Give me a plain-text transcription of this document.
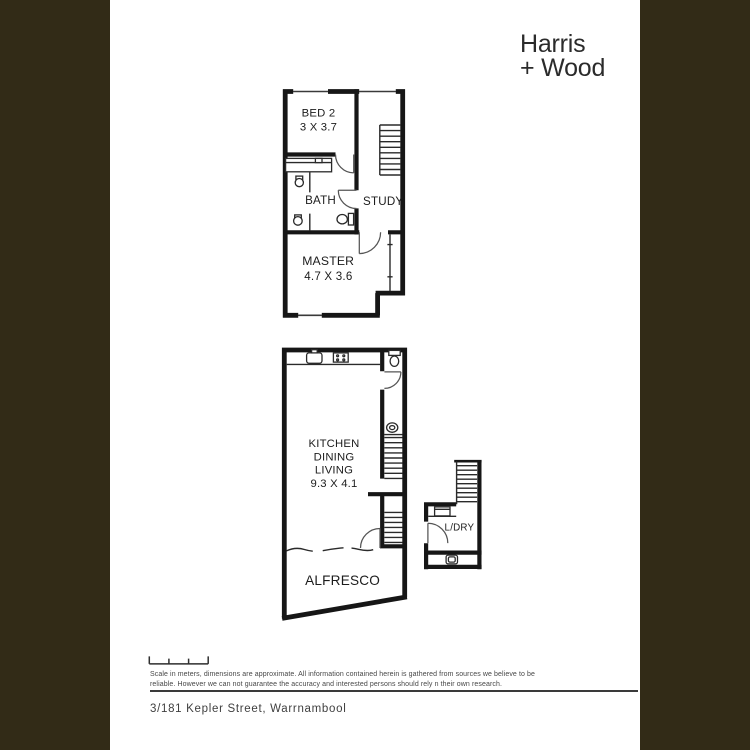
Harris
+ Wood
BED 2
3 X 3.7
BATH STUDY
MASTER
4.7 X 3.6
KITCHEN
DINING
LIVING
9.3 X 4.1
ALFRESCO
L/DRY
Scale in meters, dimensions are approximate. All information contained herein is gathered from sources we believe to be
reliable. However we can not guarantee the accuracy and interested persons should rely n their own research.
3/181 Kepler Street, Warrnambool
